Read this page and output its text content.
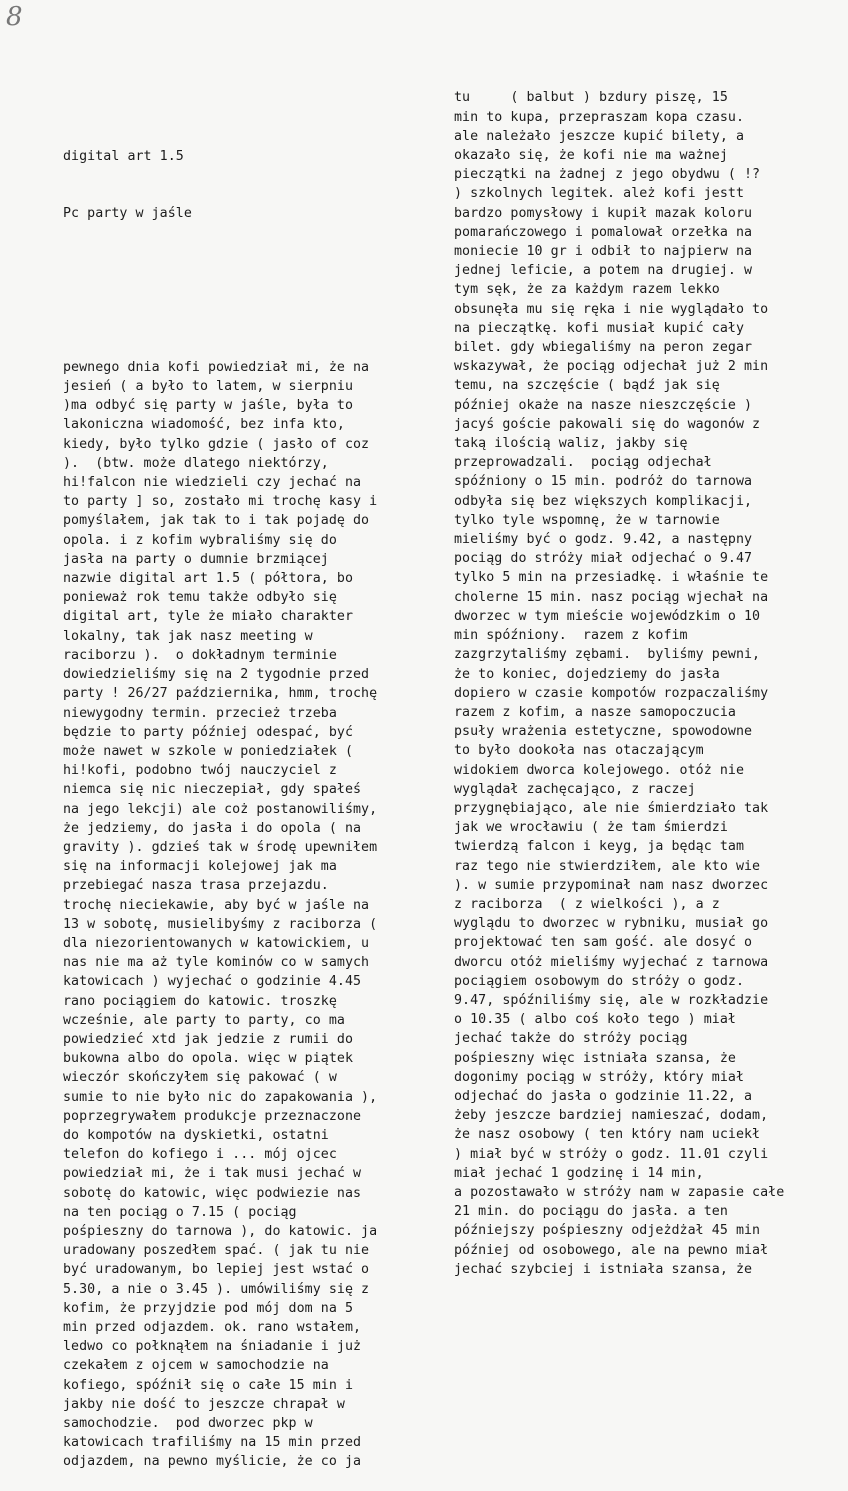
8

digital art 1.5

Pc party w jaśle

pewnego dnia kofi powiedział mi, że na
jesień ( a było to latem, w sierpniu
)ma odbyć się party w jaśle, była to
lakoniczna wiadomość, bez infa kto,
kiedy, było tylko gdzie ( jasło of coz
).  (btw. może dlatego niektórzy,
hi!falcon nie wiedzieli czy jechać na
to party ] so, zostało mi trochę kasy i
pomyślałem, jak tak to i tak pojadę do
opola. i z kofim wybraliśmy się do
jasła na party o dumnie brzmiącej
nazwie digital art 1.5 ( półtora, bo
ponieważ rok temu także odbyło się
digital art, tyle że miało charakter
lokalny, tak jak nasz meeting w
raciborzu ).  o dokładnym terminie
dowiedzieliśmy się na 2 tygodnie przed
party ! 26/27 października, hmm, trochę
niewygodny termin. przecież trzeba
będzie to party później odespać, być
może nawet w szkole w poniedziałek (
hi!kofi, podobno twój nauczyciel z
niemca się nic nieczepiał, gdy spałeś
na jego lekcji) ale coż postanowiliśmy,
że jedziemy, do jasła i do opola ( na
gravity ). gdzieś tak w środę upewniłem
się na informacji kolejowej jak ma
przebiegać nasza trasa przejazdu.
trochę nieciekawie, aby być w jaśle na
13 w sobotę, musielibyśmy z raciborza (
dla niezorientowanych w katowickiem, u
nas nie ma aż tyle kominów co w samych
katowicach ) wyjechać o godzinie 4.45
rano pociągiem do katowic. troszkę
wcześnie, ale party to party, co ma
powiedzieć xtd jak jedzie z rumii do
bukowna albo do opola. więc w piątek
wieczór skończyłem się pakować ( w
sumie to nie było nic do zapakowania ),
poprzegrywałem produkcje przeznaczone
do kompotów na dyskietki, ostatni
telefon do kofiego i ... mój ojcec
powiedział mi, że i tak musi jechać w
sobotę do katowic, więc podwiezie nas
na ten pociąg o 7.15 ( pociąg
pośpieszny do tarnowa ), do katowic. ja
uradowany poszedłem spać. ( jak tu nie
być uradowanym, bo lepiej jest wstać o
5.30, a nie o 3.45 ). umówiliśmy się z
kofim, że przyjdzie pod mój dom na 5
min przed odjazdem. ok. rano wstałem,
ledwo co połknąłem na śniadanie i już
czekałem z ojcem w samochodzie na
kofiego, spóźnił się o całe 15 min i
jakby nie dość to jeszcze chrapał w
samochodzie.  pod dworzec pkp w
katowicach trafiliśmy na 15 min przed
odjazdem, na pewno myślicie, że co ja

tu     ( balbut ) bzdury piszę, 15
min to kupa, przepraszam kopa czasu.
ale należało jeszcze kupić bilety, a
okazało się, że kofi nie ma ważnej
pieczątki na żadnej z jego obydwu ( !?
) szkolnych legitek. ależ kofi jestt
bardzo pomysłowy i kupił mazak koloru
pomarańczowego i pomalował orzełka na
moniecie 10 gr i odbił to najpierw na
jednej leficie, a potem na drugiej. w
tym sęk, że za każdym razem lekko
obsunęła mu się ręka i nie wyglądało to
na pieczątkę. kofi musiał kupić cały
bilet. gdy wbiegaliśmy na peron zegar
wskazywał, że pociąg odjechał już 2 min
temu, na szczęście ( bądź jak się
później okaże na nasze nieszczęście )
jacyś goście pakowali się do wagonów z
taką ilością waliz, jakby się
przeprowadzali.  pociąg odjechał
spóźniony o 15 min. podróż do tarnowa
odbyła się bez większych komplikacji,
tylko tyle wspomnę, że w tarnowie
mieliśmy być o godz. 9.42, a następny
pociąg do stróży miał odjechać o 9.47
tylko 5 min na przesiadkę. i właśnie te
cholerne 15 min. nasz pociąg wjechał na
dworzec w tym mieście wojewódzkim o 10
min spóźniony.  razem z kofim
zazgrzytaliśmy zębami.  byliśmy pewni,
że to koniec, dojedziemy do jasła
dopiero w czasie kompotów rozpaczaliśmy
razem z kofim, a nasze samopoczucia
psuły wrażenia estetyczne, spowodowne
to było dookoła nas otaczającym
widokiem dworca kolejowego. otóż nie
wyglądał zachęcająco, z raczej
przygnębiająco, ale nie śmierdziało tak
jak we wrocławiu ( że tam śmierdzi
twierdzą falcon i keyg, ja będąc tam
raz tego nie stwierdziłem, ale kto wie
). w sumie przypominał nam nasz dworzec
z raciborza  ( z wielkości ), a z
wyglądu to dworzec w rybniku, musiał go
projektować ten sam gość. ale dosyć o
dworcu otóż mieliśmy wyjechać z tarnowa
pociągiem osobowym do stróży o godz.
9.47, spóźniliśmy się, ale w rozkładzie
o 10.35 ( albo coś koło tego ) miał
jechać także do stróży pociąg
pośpieszny więc istniała szansa, że
dogonimy pociąg w stróży, który miał
odjechać do jasła o godzinie 11.22, a
żeby jeszcze bardziej namieszać, dodam,
że nasz osobowy ( ten który nam uciekł
) miał być w stróży o godz. 11.01 czyli
miał jechać 1 godzinę i 14 min,
a pozostawało w stróży nam w zapasie całe
21 min. do pociągu do jasła. a ten
późniejszy pośpieszny odjeżdżał 45 min
później od osobowego, ale na pewno miał
jechać szybciej i istniała szansa, że
